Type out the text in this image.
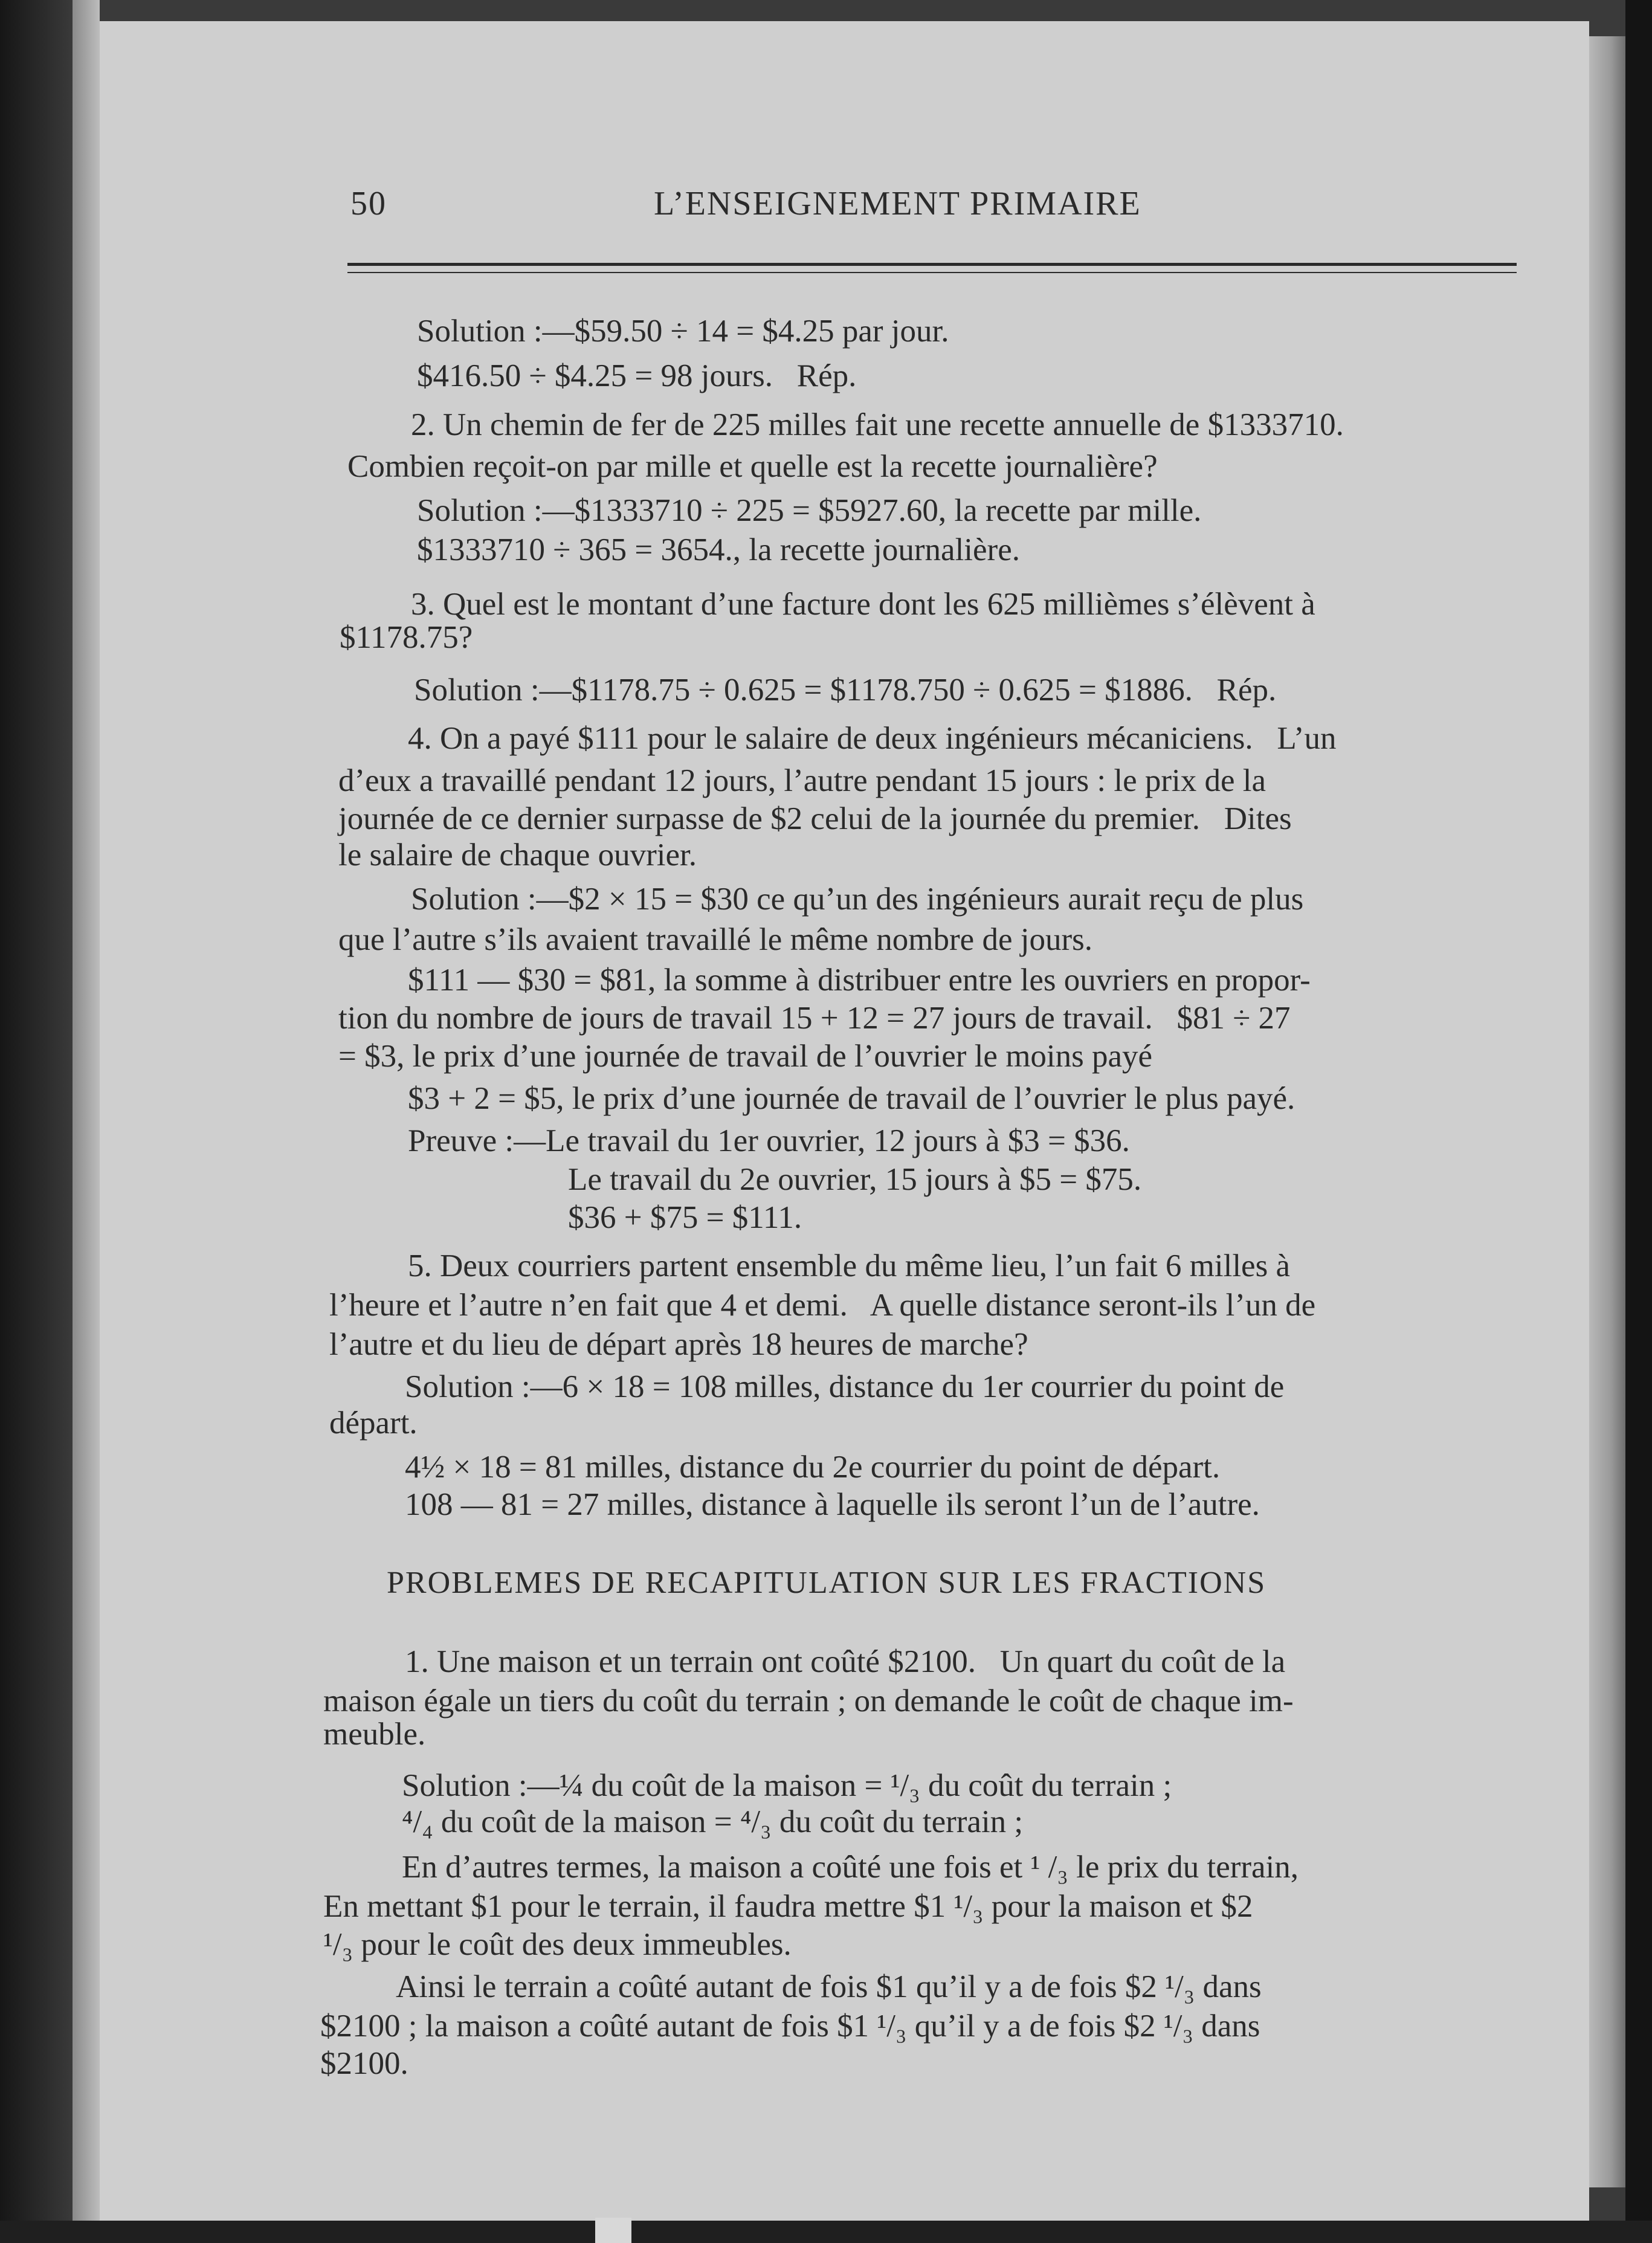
50	L’ENSEIGNEMENT PRIMAIRE
Solution :—$59.50 ÷ 14 = $4.25 par jour.
$416.50 ÷ $4.25 = 98 jours.   Rép.
2. Un chemin de fer de 225 milles fait une recette annuelle de $1333710.
Combien reçoit-on par mille et quelle est la recette journalière?
Solution :—$1333710 ÷ 225 = $5927.60, la recette par mille.
$1333710 ÷ 365 = 3654., la recette journalière.
3. Quel est le montant d’une facture dont les 625 millièmes s’élèvent à
$1178.75?
Solution :—$1178.75 ÷ 0.625 = $1178.750 ÷ 0.625 = $1886.   Rép.
4. On a payé $111 pour le salaire de deux ingénieurs mécaniciens.   L’un
d’eux a travaillé pendant 12 jours, l’autre pendant 15 jours : le prix de la
journée de ce dernier surpasse de $2 celui de la journée du premier.   Dites
le salaire de chaque ouvrier.
Solution :—$2 × 15 = $30 ce qu’un des ingénieurs aurait reçu de plus
que l’autre s’ils avaient travaillé le même nombre de jours.
$111 — $30 = $81, la somme à distribuer entre les ouvriers en propor-
tion du nombre de jours de travail 15 + 12 = 27 jours de travail.   $81 ÷ 27
= $3, le prix d’une journée de travail de l’ouvrier le moins payé
$3 + 2 = $5, le prix d’une journée de travail de l’ouvrier le plus payé.
Preuve :—Le travail du 1er ouvrier, 12 jours à $3 = $36.
Le travail du 2e ouvrier, 15 jours à $5 = $75.
$36 + $75 = $111.
5. Deux courriers partent ensemble du même lieu, l’un fait 6 milles à
l’heure et l’autre n’en fait que 4 et demi.   A quelle distance seront-ils l’un de
l’autre et du lieu de départ après 18 heures de marche?
Solution :—6 × 18 = 108 milles, distance du 1er courrier du point de
départ.
4½ × 18 = 81 milles, distance du 2e courrier du point de départ.
108 — 81 = 27 milles, distance à laquelle ils seront l’un de l’autre.
PROBLEMES DE RECAPITULATION SUR LES FRACTIONS
1. Une maison et un terrain ont coûté $2100.   Un quart du coût de la
maison égale un tiers du coût du terrain ; on demande le coût de chaque im-
meuble.
Solution :—¼ du coût de la maison = ¹/₃ du coût du terrain ;
⁴/₄ du coût de la maison = ⁴/₃ du coût du terrain ;
En d’autres termes, la maison a coûté une fois et ¹ /₃ le prix du terrain,
En mettant $1 pour le terrain, il faudra mettre $1 ¹/₃ pour la maison et $2
¹/₃ pour le coût des deux immeubles.
Ainsi le terrain a coûté autant de fois $1 qu’il y a de fois $2 ¹/₃ dans
$2100 ; la maison a coûté autant de fois $1 ¹/₃ qu’il y a de fois $2 ¹/₃ dans
$2100.
